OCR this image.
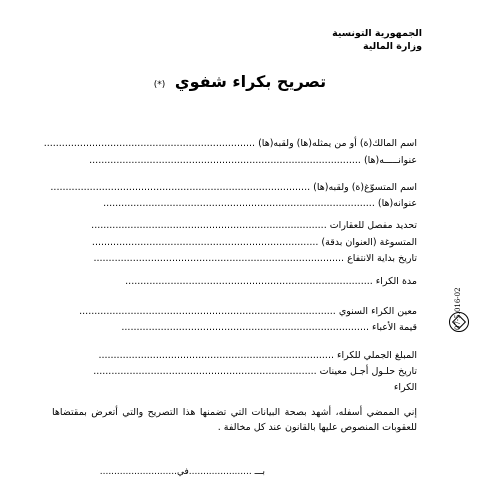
الجمهورية التونسية
وزارة المالية
تصريح بكراء شفوي (*)
اسم المالك(ة) أو من يمثله(ها) ولقبه(ها) ......................................................................
عنوانـــــه(ها) ..........................................................................................
اسم المتسوّغ(ة) ولقبه(ها) ......................................................................................
عنوانه(ها) ..........................................................................................
تحديد مفصل للعقارات ..............................................................................
المتسوغة (العنوان بدقة) ...........................................................................
تاريخ بداية الانتفاع ...................................................................................
مدة الكراء ..................................................................................
معين الكراء السنوي .....................................................................................
قيمة الأعباء ..................................................................................
المبلغ الجملي للكراء ..............................................................................
تاريخ حلـول أجـل معينات ..........................................................................
الكراء
إني الممضي أسفله، أشهد بصحة البيانات التي تضمنها هذا التصريح والتي أتعرض بمقتضاها للعقوبات المنصوص عليها بالقانون عند كل مخالفة .
بـــ ......................في...........................
07-5.016-02
